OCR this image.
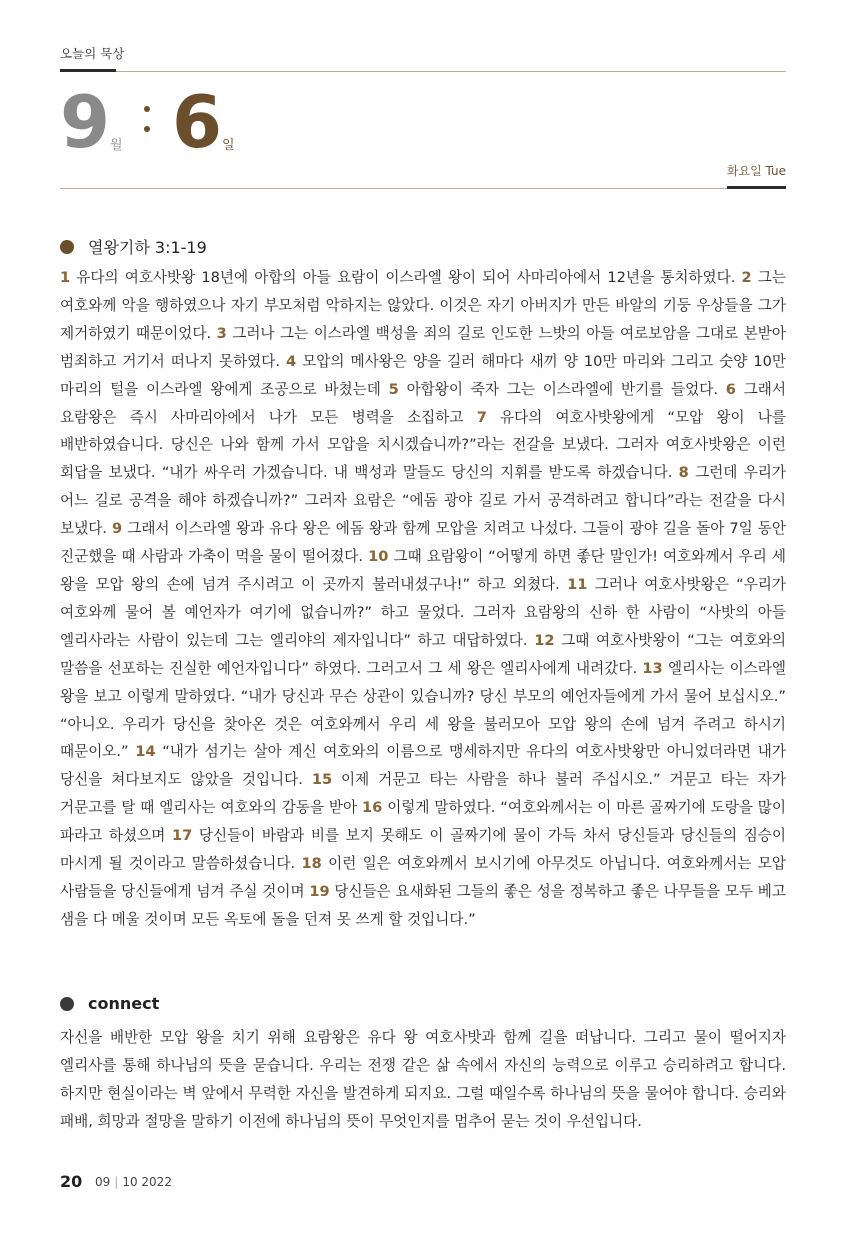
오늘의 묵상
9 월 6 일
화요일 Tue
열왕기하 3:1-19
1 유다의 여호사밧왕 18년에 아합의 아들 요람이 이스라엘 왕이 되어 사마리아에서 12년을 통치하였다. 2 그는 여호와께 악을 행하였으나 자기 부모처럼 악하지는 않았다. 이것은 자기 아버지가 만든 바알의 기둥 우상들을 그가 제거하였기 때문이었다. 3 그러나 그는 이스라엘 백성을 죄의 길로 인도한 느밧의 아들 여로보암을 그대로 본받아 범죄하고 거기서 떠나지 못하였다. 4 모압의 메사왕은 양을 길러 해마다 새끼 양 10만 마리와 그리고 숫양 10만 마리의 털을 이스라엘 왕에게 조공으로 바쳤는데 5 아합왕이 죽자 그는 이스라엘에 반기를 들었다. 6 그래서 요람왕은 즉시 사마리아에서 나가 모든 병력을 소집하고 7 유다의 여호사밧왕에게 “모압 왕이 나를 배반하였습니다. 당신은 나와 함께 가서 모압을 치시겠습니까?”라는 전갈을 보냈다. 그러자 여호사밧왕은 이런 회답을 보냈다. “내가 싸우러 가겠습니다. 내 백성과 말들도 당신의 지휘를 받도록 하겠습니다. 8 그런데 우리가 어느 길로 공격을 해야 하겠습니까?” 그러자 요람은 “에돔 광야 길로 가서 공격하려고 합니다”라는 전갈을 다시 보냈다. 9 그래서 이스라엘 왕과 유다 왕은 에돔 왕과 함께 모압을 치려고 나섰다. 그들이 광야 길을 돌아 7일 동안 진군했을 때 사람과 가축이 먹을 물이 떨어졌다. 10 그때 요람왕이 “어떻게 하면 좋단 말인가! 여호와께서 우리 세 왕을 모압 왕의 손에 넘겨 주시려고 이 곳까지 불러내셨구나!” 하고 외쳤다. 11 그러나 여호사밧왕은 “우리가 여호와께 물어 볼 예언자가 여기에 없습니까?” 하고 물었다. 그러자 요람왕의 신하 한 사람이 “사밧의 아들 엘리사라는 사람이 있는데 그는 엘리야의 제자입니다” 하고 대답하였다. 12 그때 여호사밧왕이 “그는 여호와의 말씀을 선포하는 진실한 예언자입니다” 하였다. 그러고서 그 세 왕은 엘리사에게 내려갔다. 13 엘리사는 이스라엘 왕을 보고 이렇게 말하였다. “내가 당신과 무슨 상관이 있습니까? 당신 부모의 예언자들에게 가서 물어 보십시오.” “아니오. 우리가 당신을 찾아온 것은 여호와께서 우리 세 왕을 불러모아 모압 왕의 손에 넘겨 주려고 하시기 때문이오.” 14 “내가 섬기는 살아 계신 여호와의 이름으로 맹세하지만 유다의 여호사밧왕만 아니었더라면 내가 당신을 쳐다보지도 않았을 것입니다. 15 이제 거문고 타는 사람을 하나 불러 주십시오.” 거문고 타는 자가 거문고를 탈 때 엘리사는 여호와의 감동을 받아 16 이렇게 말하였다. “여호와께서는 이 마른 골짜기에 도랑을 많이 파라고 하셨으며 17 당신들이 바람과 비를 보지 못해도 이 골짜기에 물이 가득 차서 당신들과 당신들의 짐승이 마시게 될 것이라고 말씀하셨습니다. 18 이런 일은 여호와께서 보시기에 아무것도 아닙니다. 여호와께서는 모압 사람들을 당신들에게 넘겨 주실 것이며 19 당신들은 요새화된 그들의 좋은 성을 정복하고 좋은 나무들을 모두 베고 샘을 다 메울 것이며 모든 옥토에 돌을 던져 못 쓰게 할 것입니다.”
connect
자신을 배반한 모압 왕을 치기 위해 요람왕은 유다 왕 여호사밧과 함께 길을 떠납니다. 그리고 물이 떨어지자 엘리사를 통해 하나님의 뜻을 묻습니다. 우리는 전쟁 같은 삶 속에서 자신의 능력으로 이루고 승리하려고 합니다. 하지만 현실이라는 벽 앞에서 무력한 자신을 발견하게 되지요. 그럴 때일수록 하나님의 뜻을 물어야 합니다. 승리와 패배, 희망과 절망을 말하기 이전에 하나님의 뜻이 무엇인지를 멈추어 묻는 것이 우선입니다.
20 09 | 10 2022
